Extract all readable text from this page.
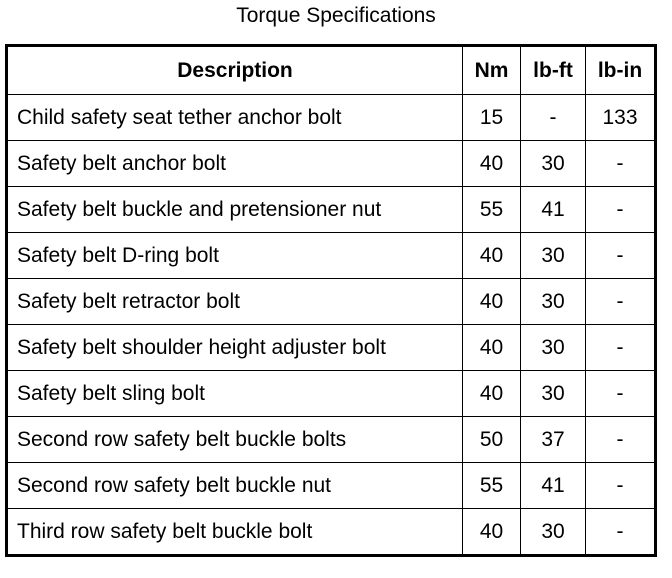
Torque Specifications
Description	Nm	lb-ft	lb-in
Child safety seat tether anchor bolt	15	-	133
Safety belt anchor bolt	40	30	-
Safety belt buckle and pretensioner nut	55	41	-
Safety belt D-ring bolt	40	30	-
Safety belt retractor bolt	40	30	-
Safety belt shoulder height adjuster bolt	40	30	-
Safety belt sling bolt	40	30	-
Second row safety belt buckle bolts	50	37	-
Second row safety belt buckle nut	55	41	-
Third row safety belt buckle bolt	40	30	-
